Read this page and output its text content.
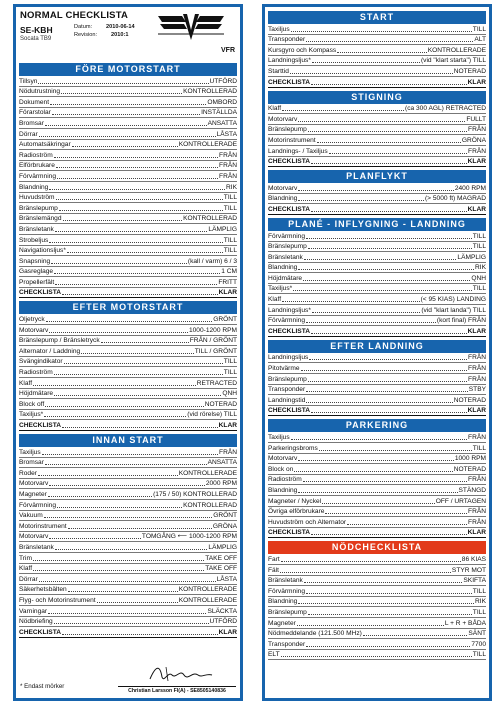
NORMAL CHECKLISTA
SE-KBH
Socata TB9
Datum:	2010-06-14
Revision:	2010:1
VFR
FÖRE MOTORSTART
Tillsyn	UTFÖRD
Nödutrustning	KONTROLLERAD
Dokument	OMBORD
Förarstolar	INSTÄLLDA
Bromsar	ANSATTA
Dörrar	LÅSTA
Automatsäkringar	KONTROLLERADE
Radioström	FRÅN
Elförbrukare	FRÅN
Förvärmning	FRÅN
Blandning	RIK
Huvudström	TILL
Bränslepump	TILL
Bränslemängd	KONTROLLERAD
Bränsletank	LÄMPLIG
Strobeljus	TILL
Navigationsljus*	TILL
Snapsning	(kall / varm) 6 / 3
Gasreglage	1 CM
Propellerfält	FRITT
CHECKLISTA	KLAR
EFTER MOTORSTART
Oljetryck	GRÖNT
Motorvarv	1000-1200 RPM
Bränslepump / Bränsletryck	FRÅN / GRÖNT
Alternator / Laddning	TILL / GRÖNT
Svängindikator	TILL
Radioström	TILL
Klaff	RETRACTED
Höjdmätare	QNH
Block off	NOTERAD
Taxiljus*	(vid rörelse) TILL
CHECKLISTA	KLAR
INNAN START
Taxiljus	FRÅN
Bromsar	ANSATTA
Roder	KONTROLLERADE
Motorvarv	2000 RPM
Magneter	(175 / 50) KONTROLLERAD
Förvärmning	KONTROLLERAD
Vakuum	GRÖNT
Motorinstrument	GRÖNA
Motorvarv	TOMGÅNG ⟵ 1000-1200 RPM
Bränsletank	LÄMPLIG
Trim	TAKE OFF
Klaff	TAKE OFF
Dörrar	LÅSTA
Säkerhetsbälten	KONTROLLERADE
Flyg- och Motorinstrument	KONTROLLERADE
Varningar	SLÄCKTA
Nödbriefing	UTFÖRD
CHECKLISTA	KLAR
* Endast mörker
Christian Larsson FI(A) - SE8505140836
START
Taxiljus	TILL
Transponder	ALT
Kursgyro och Kompass	KONTROLLERADE
Landningsljus*	(vid "klart starta") TILL
Starttid	NOTERAD
CHECKLISTA	KLAR
STIGNING
Klaff	(ca 300 AGL) RETRACTED
Motorvarv	FULLT
Bränslepump	FRÅN
Motorinstrument	GRÖNA
Landnings- / Taxiljus	FRÅN
CHECKLISTA	KLAR
PLANFLYKT
Motorvarv	2400 RPM
Blandning	(> 5000 ft) MAGRAD
CHECKLISTA	KLAR
PLANÉ - INFLYGNING - LANDNING
Förvärmning	TILL
Bränslepump	TILL
Bränsletank	LÄMPLIG
Blandning	RIK
Höjdmätare	QNH
Taxiljus*	TILL
Klaff	(< 95 KIAS) LANDING
Landningsljus*	(vid "klart landa") TILL
Förvärmning	(kort final) FRÅN
CHECKLISTA	KLAR
EFTER LANDNING
Landningsljus	FRÅN
Pitotvärme	FRÅN
Bränslepump	FRÅN
Transponder	STBY
Landningstid	NOTERAD
CHECKLISTA	KLAR
PARKERING
Taxiljus	FRÅN
Parkeringsbroms	TILL
Motorvarv	1000 RPM
Block on	NOTERAD
Radioström	FRÅN
Blandning	STÄNGD
Magneter / Nyckel	OFF / URTAGEN
Övriga elförbrukare	FRÅN
Huvudström och Alternator	FRÅN
CHECKLISTA	KLAR
NÖDCHECKLISTA
Fart	86 KIAS
Fält	STYR MOT
Bränsletank	SKIFTA
Förvärmning	TILL
Blandning	RIK
Bränslepump	TILL
Magneter	L + R + BÅDA
Nödmeddelande (121.500 MHz)	SÄNT
Transponder	7700
ELT	TILL
